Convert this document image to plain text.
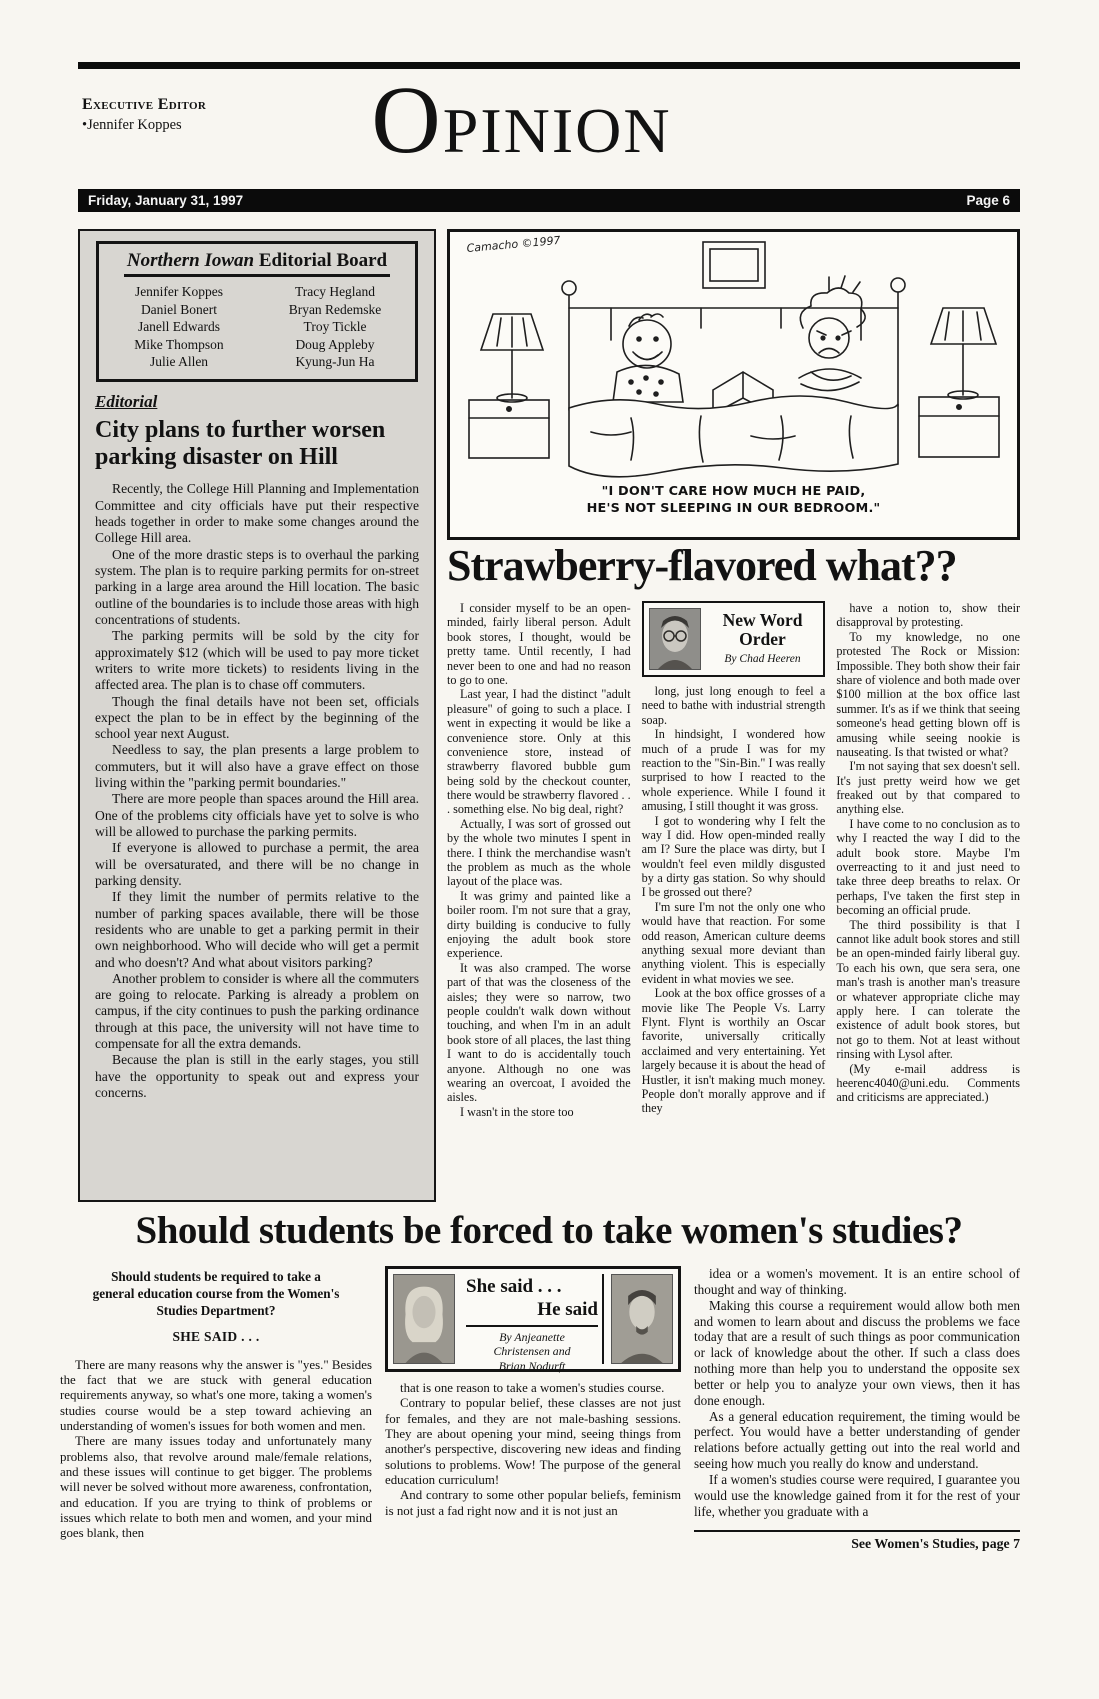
Executive Editor
•Jennifer Koppes	OPINION
Friday, January 31, 1997	Page 6
Northern Iowan Editorial Board
Jennifer Koppes
Daniel Bonert
Janell Edwards
Mike Thompson
Julie Allen
Tracy Hegland
Bryan Redemske
Troy Tickle
Doug Appleby
Kyung-Jun Ha
Editorial
City plans to further worsen parking disaster on Hill

Recently, the College Hill Planning and Implementation Committee and city officials have put their respective heads together in order to make some changes around the College Hill area.

One of the more drastic steps is to overhaul the parking system. The plan is to require parking permits for on-street parking in a large area around the Hill location. The basic outline of the boundaries is to include those areas with high concentrations of students.

The parking permits will be sold by the city for approximately $12 (which will be used to pay more ticket writers to write more tickets) to residents living in the affected area. The plan is to chase off commuters.

Though the final details have not been set, officials expect the plan to be in effect by the beginning of the school year next August.

Needless to say, the plan presents a large problem to commuters, but it will also have a grave effect on those living within the "parking permit boundaries."

There are more people than spaces around the Hill area. One of the problems city officials have yet to solve is who will be allowed to purchase the parking permits.

If everyone is allowed to purchase a permit, the area will be oversaturated, and there will be no change in parking density.

If they limit the number of permits relative to the number of parking spaces available, there will be those residents who are unable to get a parking permit in their own neighborhood. Who will decide who will get a permit and who doesn't? And what about visitors parking?

Another problem to consider is where all the commuters are going to relocate. Parking is already a problem on campus, if the city continues to push the parking ordinance through at this pace, the university will not have time to compensate for all the extra demands.

Because the plan is still in the early stages, you still have the opportunity to speak out and express your concerns.

Camacho ©1997
"I DON'T CARE HOW MUCH HE PAID,
HE'S NOT SLEEPING IN OUR BEDROOM."
Strawberry-flavored what??

I consider myself to be an open-minded, fairly liberal person. Adult book stores, I thought, would be pretty tame. Until recently, I had never been to one and had no reason to go to one.

Last year, I had the distinct "adult pleasure" of going to such a place. I went in expecting it would be like a convenience store. Only at this convenience store, instead of strawberry flavored bubble gum being sold by the checkout counter, there would be strawberry flavored . . . something else. No big deal, right?

Actually, I was sort of grossed out by the whole two minutes I spent in there. I think the merchandise wasn't the problem as much as the whole layout of the place was.

It was grimy and painted like a boiler room. I'm not sure that a gray, dirty building is conducive to fully enjoying the adult book store experience.

It was also cramped. The worse part of that was the closeness of the aisles; they were so narrow, two people couldn't walk down without touching, and when I'm in an adult book store of all places, the last thing I want to do is accidentally touch anyone. Although no one was wearing an overcoat, I avoided the aisles.

I wasn't in the store too

New Word
Order
By Chad Heeren

long, just long enough to feel a need to bathe with industrial strength soap.

In hindsight, I wondered how much of a prude I was for my reaction to the "Sin-Bin." I was really surprised to how I reacted to the whole experience. While I found it amusing, I still thought it was gross.

I got to wondering why I felt the way I did. How open-minded really am I? Sure the place was dirty, but I wouldn't feel even mildly disgusted by a dirty gas station. So why should I be grossed out there?

I'm sure I'm not the only one who would have that reaction. For some odd reason, American culture deems anything sexual more deviant than anything violent. This is especially evident in what movies we see.

Look at the box office grosses of a movie like The People Vs. Larry Flynt. Flynt is worthily an Oscar favorite, universally critically acclaimed and very entertaining. Yet largely because it is about the head of Hustler, it isn't making much money. People don't morally approve and if they

have a notion to, show their disapproval by protesting.

To my knowledge, no one protested The Rock or Mission: Impossible. They both show their fair share of violence and both made over $100 million at the box office last summer. It's as if we think that seeing someone's head getting blown off is amusing while seeing nookie is nauseating. Is that twisted or what?

I'm not saying that sex doesn't sell. It's just pretty weird how we get freaked out by that compared to anything else.

I have come to no conclusion as to why I reacted the way I did to the adult book store. Maybe I'm overreacting to it and just need to take three deep breaths to relax. Or perhaps, I've taken the first step in becoming an official prude.

The third possibility is that I cannot like adult book stores and still be an open-minded fairly liberal guy. To each his own, que sera sera, one man's trash is another man's treasure or whatever appropriate cliche may apply here. I can tolerate the existence of adult book stores, but not go to them. Not at least without rinsing with Lysol after.

(My e-mail address is heerenc4040@uni.edu. Comments and criticisms are appreciated.)

Should students be forced to take women's studies?
Should students be required to take a general education course from the Women's Studies Department?
SHE SAID . . .

There are many reasons why the answer is "yes." Besides the fact that we are stuck with general education requirements anyway, so what's one more, taking a women's studies course would be a step toward achieving an understanding of women's issues for both women and men.

There are many issues today and unfortunately many problems also, that revolve around male/female relations, and these issues will continue to get bigger. The problems will never be solved without more awareness, confrontation, and education. If you are trying to think of problems or issues which relate to both men and women, and your mind goes blank, then

She said . . .
He said
By Anjeanette
Christensen and
Brian Nodurft

that is one reason to take a women's studies course.

Contrary to popular belief, these classes are not just for females, and they are not male-bashing sessions. They are about opening your mind, seeing things from another's perspective, discovering new ideas and finding solutions to problems. Wow! The purpose of the general education curriculum!

And contrary to some other popular beliefs, feminism is not just a fad right now and it is not just an

idea or a women's movement. It is an entire school of thought and way of thinking.

Making this course a requirement would allow both men and women to learn about and discuss the problems we face today that are a result of such things as poor communication or lack of knowledge about the other. If such a class does nothing more than help you to understand the opposite sex better or help you to analyze your own views, then it has done enough.

As a general education requirement, the timing would be perfect. You would have a better understanding of gender relations before actually getting out into the real world and seeing how much you really do know and understand.

If a women's studies course were required, I guarantee you would use the knowledge gained from it for the rest of your life, whether you graduate with a

See Women's Studies, page 7
